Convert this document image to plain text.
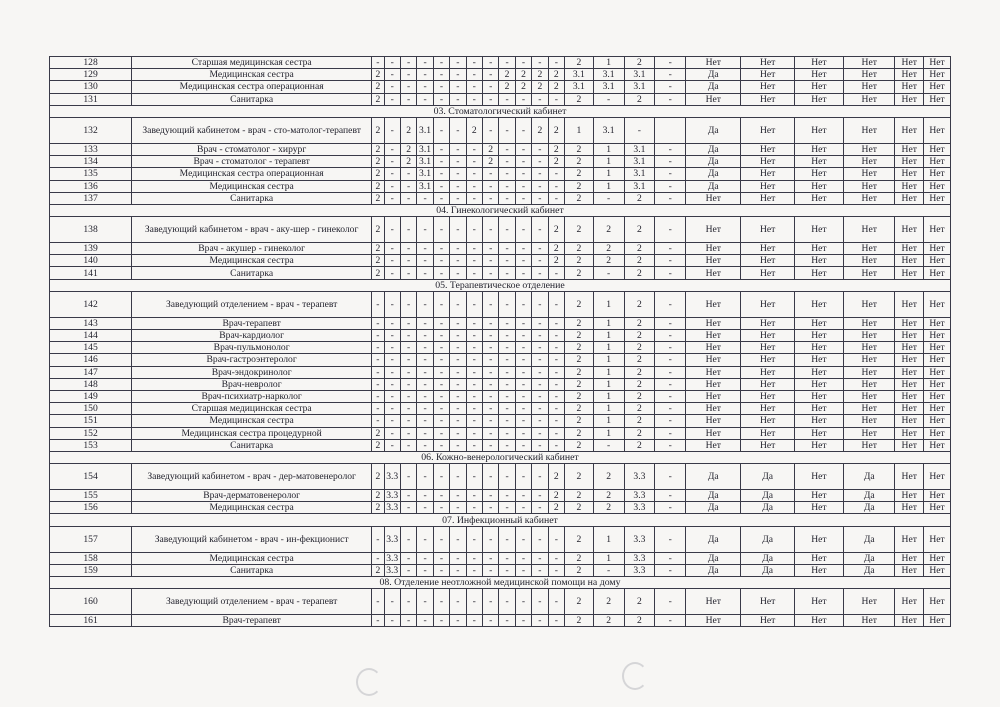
128	Старшая медицинская сестра	-	-	-	-	-	-	-	-	-	-	-	-	2	1	2	-	Нет	Нет	Нет	Нет	Нет	Нет
129	Медицинская сестра	2	-	-	-	-	-	-	-	2	2	2	2	3.1	3.1	3.1	-	Да	Нет	Нет	Нет	Нет	Нет
130	Медицинская сестра операционная	2	-	-	-	-	-	-	-	2	2	2	2	3.1	3.1	3.1	-	Да	Нет	Нет	Нет	Нет	Нет
131	Санитарка	2	-	-	-	-	-	-	-	-	-	-	-	2	-	2	-	Нет	Нет	Нет	Нет	Нет	Нет
03. Стоматологический кабинет																							
132	Заведующий кабинетом - врач - сто-матолог-терапевт	2	-	2	3.1	-	-	2	-	-	-	2	2	1	3.1	-		Да	Нет	Нет	Нет	Нет	Нет
133	Врач - стоматолог - хирург	2	-	2	3.1	-	-	-	2	-	-	-	2	2	1	3.1	-	Да	Нет	Нет	Нет	Нет	Нет
134	Врач - стоматолог - терапевт	2	-	2	3.1	-	-	-	2	-	-	-	2	2	1	3.1	-	Да	Нет	Нет	Нет	Нет	Нет
135	Медицинская сестра операционная	2	-	-	3.1	-	-	-	-	-	-	-	-	2	1	3.1	-	Да	Нет	Нет	Нет	Нет	Нет
136	Медицинская сестра	2	-	-	3.1	-	-	-	-	-	-	-	-	2	1	3.1	-	Да	Нет	Нет	Нет	Нет	Нет
137	Санитарка	2	-	-	-	-	-	-	-	-	-	-	-	2	-	2	-	Нет	Нет	Нет	Нет	Нет	Нет
04. Гинекологический кабинет																							
138	Заведующий кабинетом - врач - аку-шер - гинеколог	2	-	-	-	-	-	-	-	-	-	-	2	2	2	2	-	Нет	Нет	Нет	Нет	Нет	Нет
139	Врач - акушер - гинеколог	2	-	-	-	-	-	-	-	-	-	-	2	2	2	2	-	Нет	Нет	Нет	Нет	Нет	Нет
140	Медицинская сестра	2	-	-	-	-	-	-	-	-	-	-	2	2	2	2	-	Нет	Нет	Нет	Нет	Нет	Нет
141	Санитарка	2	-	-	-	-	-	-	-	-	-	-	-	2	-	2	-	Нет	Нет	Нет	Нет	Нет	Нет
05. Терапевтическое отделение																							
142	Заведующий отделением - врач - терапевт	-	-	-	-	-	-	-	-	-	-	-	-	2	1	2	-	Нет	Нет	Нет	Нет	Нет	Нет
143	Врач-терапевт	-	-	-	-	-	-	-	-	-	-	-	-	2	1	2	-	Нет	Нет	Нет	Нет	Нет	Нет
144	Врач-кардиолог	-	-	-	-	-	-	-	-	-	-	-	-	2	1	2	-	Нет	Нет	Нет	Нет	Нет	Нет
145	Врач-пульмонолог	-	-	-	-	-	-	-	-	-	-	-	-	2	1	2	-	Нет	Нет	Нет	Нет	Нет	Нет
146	Врач-гастроэнтеролог	-	-	-	-	-	-	-	-	-	-	-	-	2	1	2	-	Нет	Нет	Нет	Нет	Нет	Нет
147	Врач-эндокринолог	-	-	-	-	-	-	-	-	-	-	-	-	2	1	2	-	Нет	Нет	Нет	Нет	Нет	Нет
148	Врач-невролог	-	-	-	-	-	-	-	-	-	-	-	-	2	1	2	-	Нет	Нет	Нет	Нет	Нет	Нет
149	Врач-психиатр-нарколог	-	-	-	-	-	-	-	-	-	-	-	-	2	1	2	-	Нет	Нет	Нет	Нет	Нет	Нет
150	Старшая медицинская сестра	-	-	-	-	-	-	-	-	-	-	-	-	2	1	2	-	Нет	Нет	Нет	Нет	Нет	Нет
151	Медицинская сестра	-	-	-	-	-	-	-	-	-	-	-	-	2	1	2	-	Нет	Нет	Нет	Нет	Нет	Нет
152	Медицинская сестра процедурной	2	-	-	-	-	-	-	-	-	-	-	-	2	1	2	-	Нет	Нет	Нет	Нет	Нет	Нет
153	Санитарка	2	-	-	-	-	-	-	-	-	-	-	-	2	-	2	-	Нет	Нет	Нет	Нет	Нет	Нет
06. Кожно-венерологический кабинет																							
154	Заведующий кабинетом - врач - дер-матовенеролог	2	3.3	-	-	-	-	-	-	-	-	-	2	2	2	3.3	-	Да	Да	Нет	Да	Нет	Нет
155	Врач-дерматовенеролог	2	3.3	-	-	-	-	-	-	-	-	-	2	2	2	3.3	-	Да	Да	Нет	Да	Нет	Нет
156	Медицинская сестра	2	3.3	-	-	-	-	-	-	-	-	-	2	2	2	3.3	-	Да	Да	Нет	Да	Нет	Нет
07. Инфекционный кабинет																							
157	Заведующий кабинетом - врач - ин-фекционист	-	3.3	-	-	-	-	-	-	-	-	-	-	2	1	3.3	-	Да	Да	Нет	Да	Нет	Нет
158	Медицинская сестра	-	3.3	-	-	-	-	-	-	-	-	-	-	2	1	3.3	-	Да	Да	Нет	Да	Нет	Нет
159	Санитарка	2	3.3	-	-	-	-	-	-	-	-	-	-	2	-	3.3	-	Да	Да	Нет	Да	Нет	Нет
08. Отделение неотложной медицинской помощи на дому																							
160	Заведующий отделением - врач - терапевт	-	-	-	-	-	-	-	-	-	-	-	-	2	2	2	-	Нет	Нет	Нет	Нет	Нет	Нет
161	Врач-терапевт	-	-	-	-	-	-	-	-	-	-	-	-	2	2	2	-	Нет	Нет	Нет	Нет	Нет	Нет
